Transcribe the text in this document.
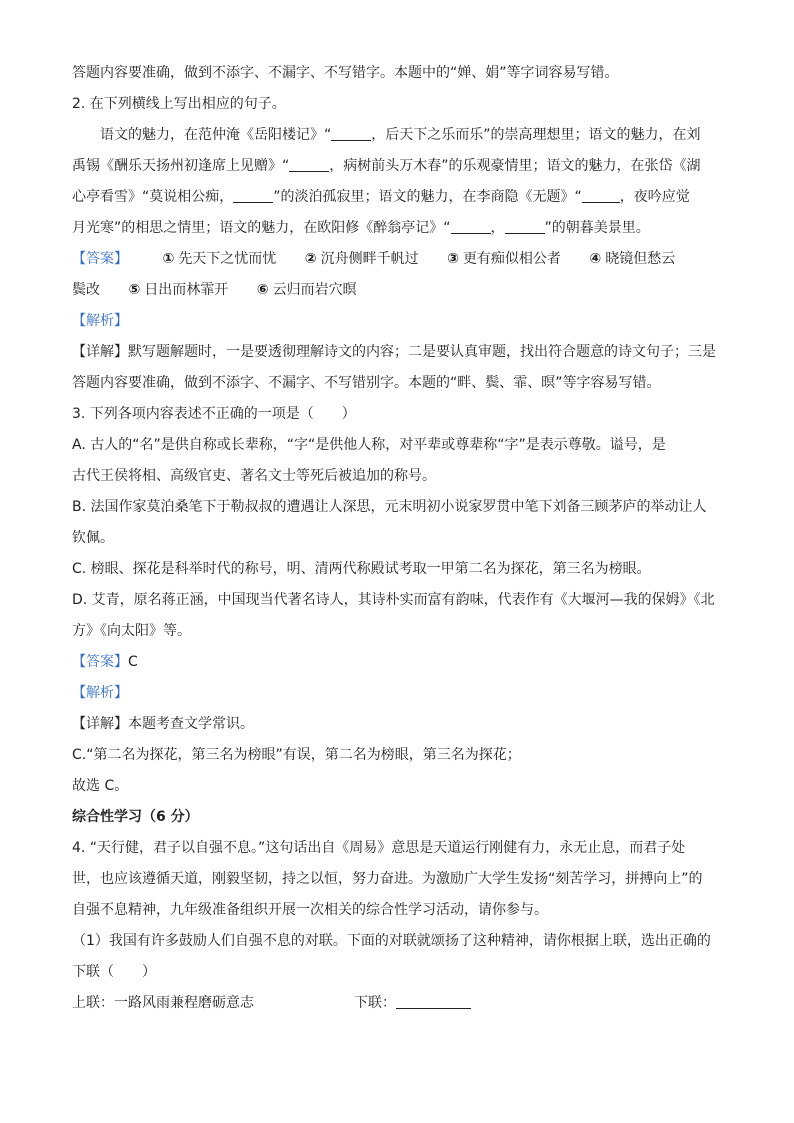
答题内容要准确，做到不添字、不漏字、不写错字。本题中的“婵、娟”等字词容易写错。

2. 在下列横线上写出相应的句子。

语文的魅力，在范仲淹《岳阳楼记》“	，后天下之乐而乐”的崇高理想里；语文的魅力，在刘

禹锡《酬乐天扬州初逢席上见赠》“	，病树前头万木春”的乐观豪情里；语文的魅力，在张岱《湖

心亭看雪》“莫说相公痴，	”的淡泊孤寂里；语文的魅力，在李商隐《无题》“	，夜吟应觉

月光寒”的相思之情里；语文的魅力，在欧阳修《醉翁亭记》“	，	”的朝暮美景里。

【答案】 ① 先天下之忧而忧 ② 沉舟侧畔千帆过 ③ 更有痴似相公者 ④ 晓镜但愁云

鬓改 ⑤ 日出而林霏开 ⑥ 云归而岩穴暝

【解析】

【详解】默写题解题时，一是要透彻理解诗文的内容；二是要认真审题，找出符合题意的诗文句子；三是

答题内容要准确，做到不添字、不漏字、不写错别字。本题的“畔、鬓、霏、暝”等字容易写错。

3. 下列各项内容表述不正确的一项是（　　）

A. 古人的“名”是供自称或长辈称，“字“是供他人称，对平辈或尊辈称“字”是表示尊敬。谥号，是

古代王侯将相、高级官吏、著名文士等死后被追加的称号。

B. 法国作家莫泊桑笔下于勒叔叔的遭遇让人深思，元末明初小说家罗贯中笔下刘备三顾茅庐的举动让人

钦佩。

C. 榜眼、探花是科举时代的称号，明、清两代称殿试考取一甲第二名为探花，第三名为榜眼。

D. 艾青，原名蒋正涵，中国现当代著名诗人，其诗朴实而富有韵味，代表作有《大堰河—我的保姆》《北

方》《向太阳》等。

【答案】C

【解析】

【详解】本题考查文学常识。

C.“第二名为探花，第三名为榜眼”有误，第二名为榜眼，第三名为探花；

故选 C。

综合性学习（6 分）

4. “天行健，君子以自强不息。”这句话出自《周易》意思是天道运行刚健有力，永无止息，而君子处

世，也应该遵循天道，刚毅坚韧，持之以恒，努力奋进。为激励广大学生发扬“刻苦学习，拼搏向上”的

自强不息精神，九年级准备组织开展一次相关的综合性学习活动，请你参与。

（1）我国有许多鼓励人们自强不息的对联。下面的对联就颂扬了这种精神，请你根据上联，选出正确的

下联（　　）

上联：一路风雨兼程磨砺意志	下联：
